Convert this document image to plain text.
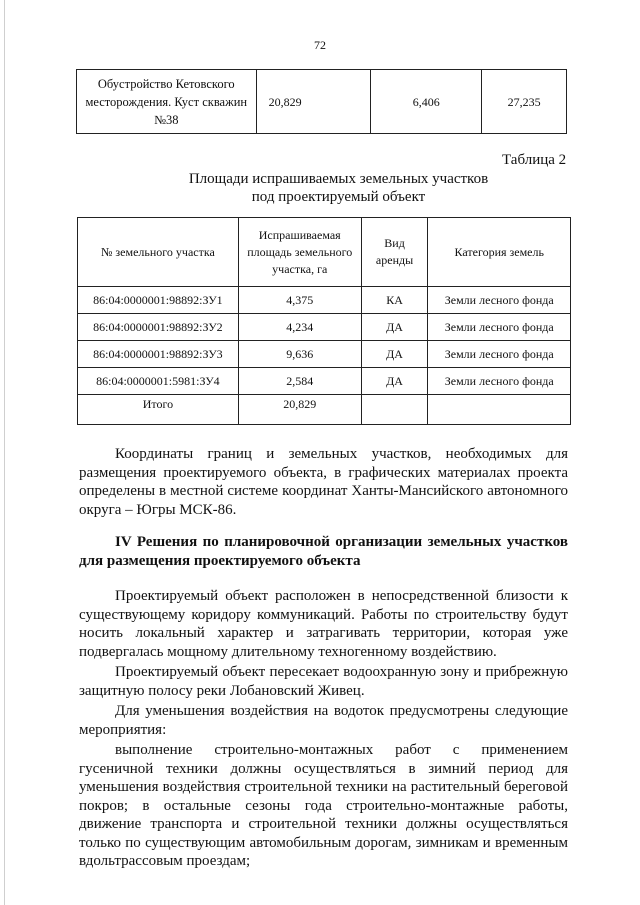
72
Обустройство Кетовского месторождения. Куст скважин №38	20,829	6,406	27,235
Таблица 2
Площади испрашиваемых земельных участков
под проектируемый объект
№ земельного участка	Испрашиваемая площадь земельного участка, га	Вид аренды	Категория земель
86:04:0000001:98892:ЗУ1	4,375	КА	Земли лесного фонда
86:04:0000001:98892:ЗУ2	4,234	ДА	Земли лесного фонда
86:04:0000001:98892:ЗУ3	9,636	ДА	Земли лесного фонда
86:04:0000001:5981:ЗУ4	2,584	ДА	Земли лесного фонда
Итого	20,829		

Координаты границ и земельных участков, необходимых для размещения проектируемого объекта, в графических материалах проекта определены в местной системе координат Ханты-Мансийского автономного округа – Югры МСК-86.

IV Решения по планировочной организации земельных участков для размещения проектируемого объекта

Проектируемый объект расположен в непосредственной близости к существующему коридору коммуникаций. Работы по строительству будут носить локальный характер и затрагивать территории, которая уже подвергалась мощному длительному техногенному воздействию.

Проектируемый объект пересекает водоохранную зону и прибрежную защитную полосу реки Лобановский Живец.

Для уменьшения воздействия на водоток предусмотрены следующие мероприятия:

выполнение строительно-монтажных работ с применением гусеничной техники должны осуществляться в зимний период для уменьшения воздействия строительной техники на растительный береговой покров; в остальные сезоны года строительно-монтажные работы, движение транспорта и строительной техники должны осуществляться только по существующим автомобильным дорогам, зимникам и временным вдольтрассовым проездам;
